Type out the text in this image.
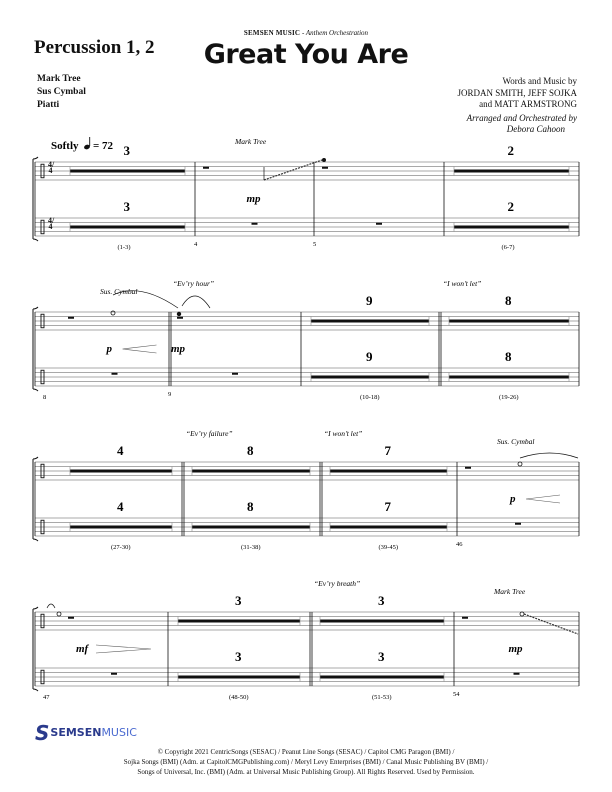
Percussion 1, 2
Mark Tree
Sus Cymbal
Piatti
SEMSEN MUSIC - Anthem Orchestration
Great You Are
Words and Music by
JORDAN SMITH, JEFF SOJKA
and MATT ARMSTRONG
Arranged and Orchestrated by
Debora Cahoon
Softly = 72 3
3
(1-3)	4
Mark Tree
mp
5
2
2
(6-7)
8
Sus. Cymbal
p
9
“Ev’ry hour”
mp
9
9
(10-18)
8
8
(19-26)
“I won’t let”
4
4
(27-30)
8
8
(31-38)
“Ev’ry failure”
7
7
(39-45)
“I won’t let”
46
Sus. Cymbal
p
47
mf
3
3
(48-50)
3
3
(51-53)
“Ev’ry breath”
54
Mark Tree
mp
4/4
4/4
S SEMSEN MUSIC
© Copyright 2021 CentricSongs (SESAC) / Peanut Line Songs (SESAC) / Capitol CMG Paragon (BMI) /
Sojka Songs (BMI) (Adm. at CapitolCMGPublishing.com) / Meryl Levy Enterprises (BMI) / Canal Music Publishing BV (BMI) /
Songs of Universal, Inc. (BMI) (Adm. at Universal Music Publishing Group). All Rights Reserved. Used by Permission.
